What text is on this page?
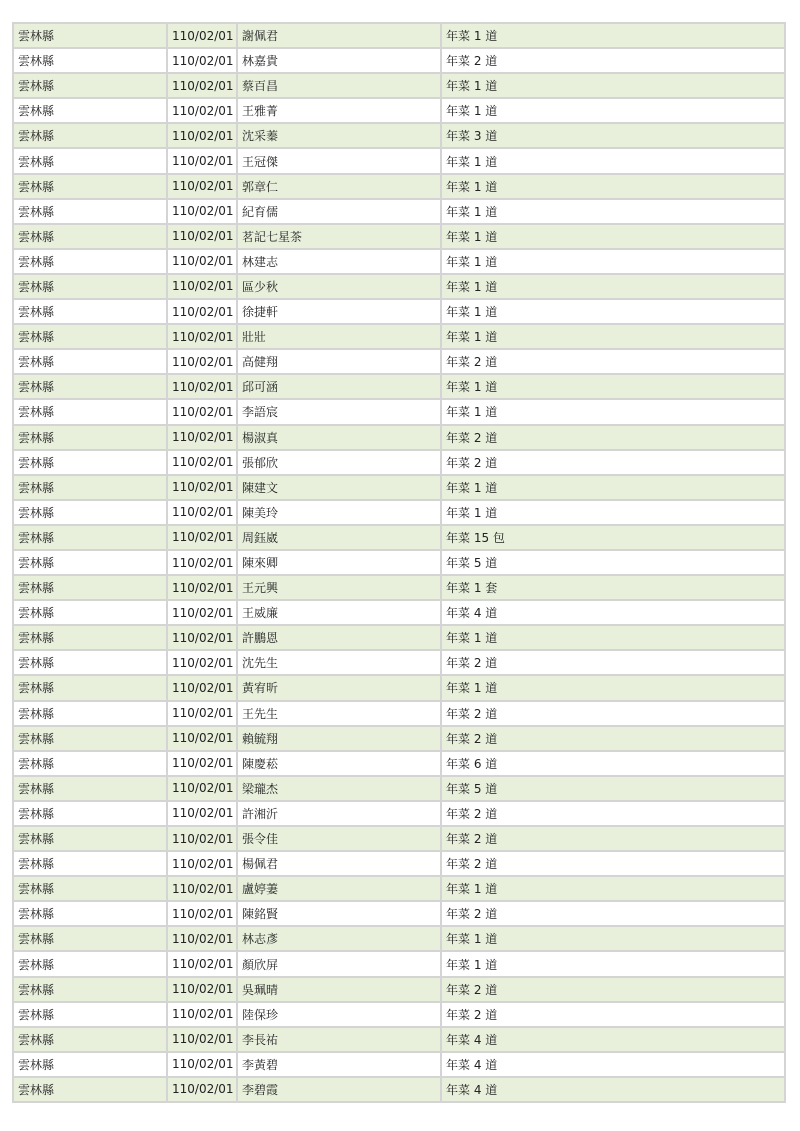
雲林縣	110/02/01	謝佩君	年菜 1 道
雲林縣	110/02/01	林嘉貴	年菜 2 道
雲林縣	110/02/01	蔡百昌	年菜 1 道
雲林縣	110/02/01	王雅菁	年菜 1 道
雲林縣	110/02/01	沈采蓁	年菜 3 道
雲林縣	110/02/01	王冠傑	年菜 1 道
雲林縣	110/02/01	郭章仁	年菜 1 道
雲林縣	110/02/01	紀育儒	年菜 1 道
雲林縣	110/02/01	茗記七星茶	年菜 1 道
雲林縣	110/02/01	林建志	年菜 1 道
雲林縣	110/02/01	區少秋	年菜 1 道
雲林縣	110/02/01	徐捷軒	年菜 1 道
雲林縣	110/02/01	壯壯	年菜 1 道
雲林縣	110/02/01	高健翔	年菜 2 道
雲林縣	110/02/01	邱可涵	年菜 1 道
雲林縣	110/02/01	李語宸	年菜 1 道
雲林縣	110/02/01	楊淑真	年菜 2 道
雲林縣	110/02/01	張郁欣	年菜 2 道
雲林縣	110/02/01	陳建文	年菜 1 道
雲林縣	110/02/01	陳美玲	年菜 1 道
雲林縣	110/02/01	周鈺崴	年菜 15 包
雲林縣	110/02/01	陳來卿	年菜 5 道
雲林縣	110/02/01	王元興	年菜 1 套
雲林縣	110/02/01	王威廉	年菜 4 道
雲林縣	110/02/01	許鵬恩	年菜 1 道
雲林縣	110/02/01	沈先生	年菜 2 道
雲林縣	110/02/01	黃宥昕	年菜 1 道
雲林縣	110/02/01	王先生	年菜 2 道
雲林縣	110/02/01	賴毓翔	年菜 2 道
雲林縣	110/02/01	陳慶菘	年菜 6 道
雲林縣	110/02/01	梁瓏杰	年菜 5 道
雲林縣	110/02/01	許湘沂	年菜 2 道
雲林縣	110/02/01	張令佳	年菜 2 道
雲林縣	110/02/01	楊佩君	年菜 2 道
雲林縣	110/02/01	盧婷萋	年菜 1 道
雲林縣	110/02/01	陳銘賢	年菜 2 道
雲林縣	110/02/01	林志彥	年菜 1 道
雲林縣	110/02/01	顏欣屏	年菜 1 道
雲林縣	110/02/01	吳珮晴	年菜 2 道
雲林縣	110/02/01	陸保珍	年菜 2 道
雲林縣	110/02/01	李長祐	年菜 4 道
雲林縣	110/02/01	李黃碧	年菜 4 道
雲林縣	110/02/01	李碧霞	年菜 4 道
